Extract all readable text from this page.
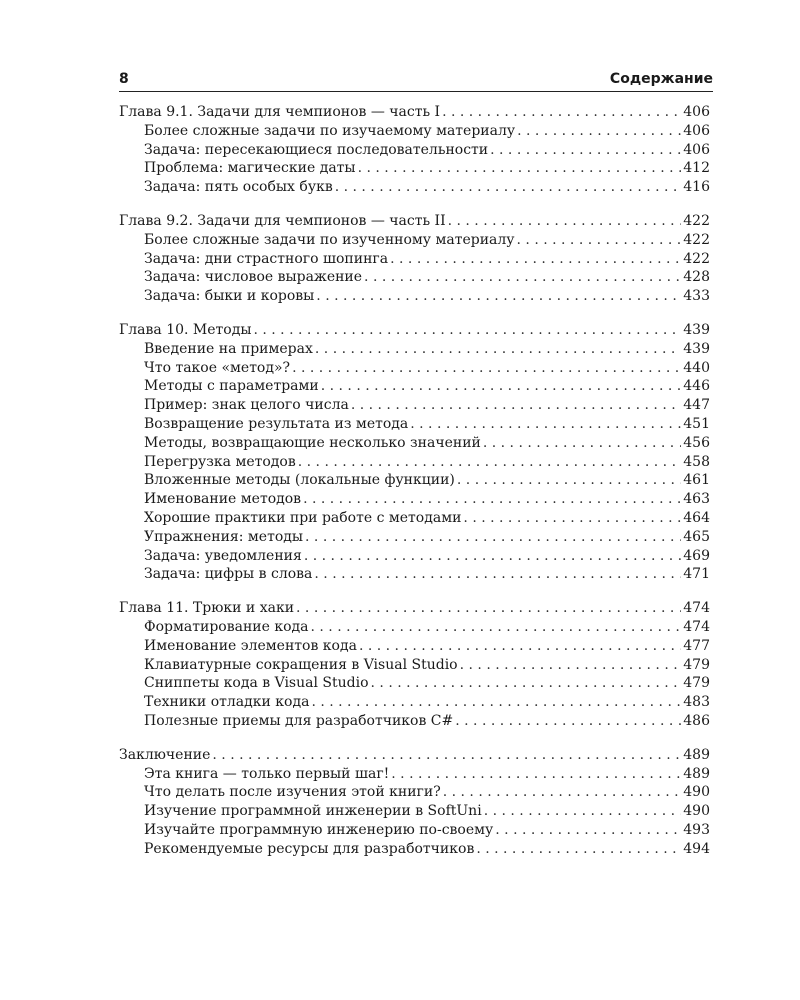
8	Содержание
Глава 9.1. Задачи для чемпионов — часть I . . .	406
Более сложные задачи по изучаемому материалу . . .	406
Задача: пересекающиеся последовательности . . .	406
Проблема: магические даты . . .	412
Задача: пять особых букв . . .	416
Глава 9.2. Задачи для чемпионов — часть II . . .	422
Более сложные задачи по изученному материалу . . .	422
Задача: дни страстного шопинга . . .	422
Задача: числовое выражение . . .	428
Задача: быки и коровы . . .	433
Глава 10. Методы . . .	439
Введение на примерах . . .	439
Что такое «метод»? . . .	440
Методы с параметрами . . .	446
Пример: знак целого числа . . .	447
Возвращение результата из метода . . .	451
Методы, возвращающие несколько значений . . .	456
Перегрузка методов . . .	458
Вложенные методы (локальные функции) . . .	461
Именование методов . . .	463
Хорошие практики при работе с методами . . .	464
Упражнения: методы . . .	465
Задача: уведомления . . .	469
Задача: цифры в слова . . .	471
Глава 11. Трюки и хаки . . .	474
Форматирование кода . . .	474
Именование элементов кода . . .	477
Клавиатурные сокращения в Visual Studio . . .	479
Сниппеты кода в Visual Studio . . .	479
Техники отладки кода . . .	483
Полезные приемы для разработчиков C# . . .	486
Заключение . . .	489
Эта книга — только первый шаг! . . .	489
Что делать после изучения этой книги? . . .	490
Изучение программной инженерии в SoftUni . . .	490
Изучайте программную инженерию по-своему . . .	493
Рекомендуемые ресурсы для разработчиков . . .	494
